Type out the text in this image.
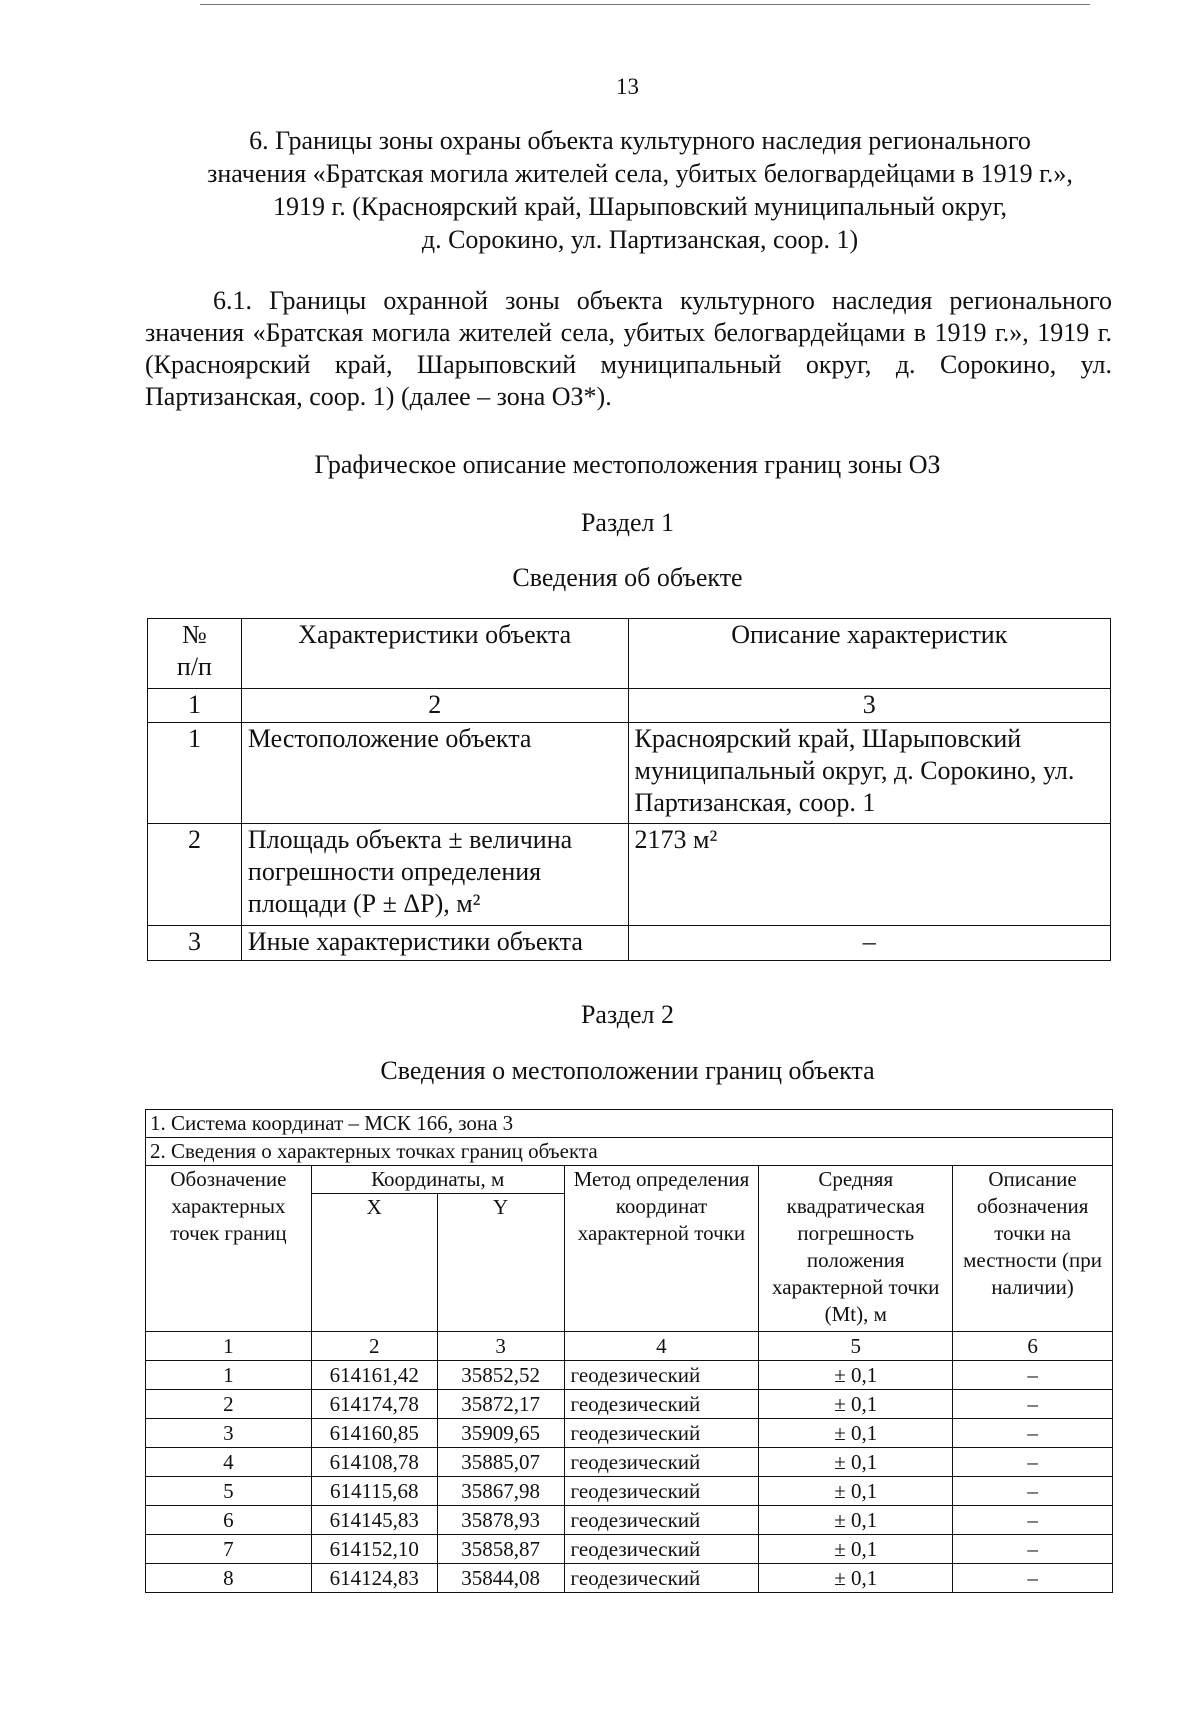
13
6. Границы зоны охраны объекта культурного наследия регионального
значения «Братская могила жителей села, убитых белогвардейцами в 1919 г.»,
1919 г. (Красноярский край, Шарыповский муниципальный округ,
д. Сорокино, ул. Партизанская, соор. 1)
6.1. Границы охранной зоны объекта культурного наследия регионального значения «Братская могила жителей села, убитых белогвардейцами в 1919 г.», 1919 г. (Красноярский край, Шарыповский муниципальный округ, д. Сорокино, ул. Партизанская, соор. 1) (далее – зона ОЗ*).
Графическое описание местоположения границ зоны ОЗ
Раздел 1
Сведения об объекте
№ п/п	Характеристики объекта	Описание характеристик
1	2	3
1	Местоположение объекта	Красноярский край, Шарыповский муниципальный округ, д. Сорокино, ул. Партизанская, соор. 1
2	Площадь объекта ± величина погрешности определения площади (Р ± ΔР), м²	2173 м²
3	Иные характеристики объекта	–
Раздел 2
Сведения о местоположении границ объекта
1. Система координат – МСК 166, зона 3					
2. Сведения о характерных точках границ объекта					
Обозначение характерных точек границ	Координаты, м		Метод определения координат характерной точки	Средняя квадратическая погрешность положения характерной точки (Mt), м	Описание обозначения точки на местности (при наличии)
	X	Y			
1	2	3	4	5	6
1	614161,42	35852,52	геодезический	± 0,1	–
2	614174,78	35872,17	геодезический	± 0,1	–
3	614160,85	35909,65	геодезический	± 0,1	–
4	614108,78	35885,07	геодезический	± 0,1	–
5	614115,68	35867,98	геодезический	± 0,1	–
6	614145,83	35878,93	геодезический	± 0,1	–
7	614152,10	35858,87	геодезический	± 0,1	–
8	614124,83	35844,08	геодезический	± 0,1	–
